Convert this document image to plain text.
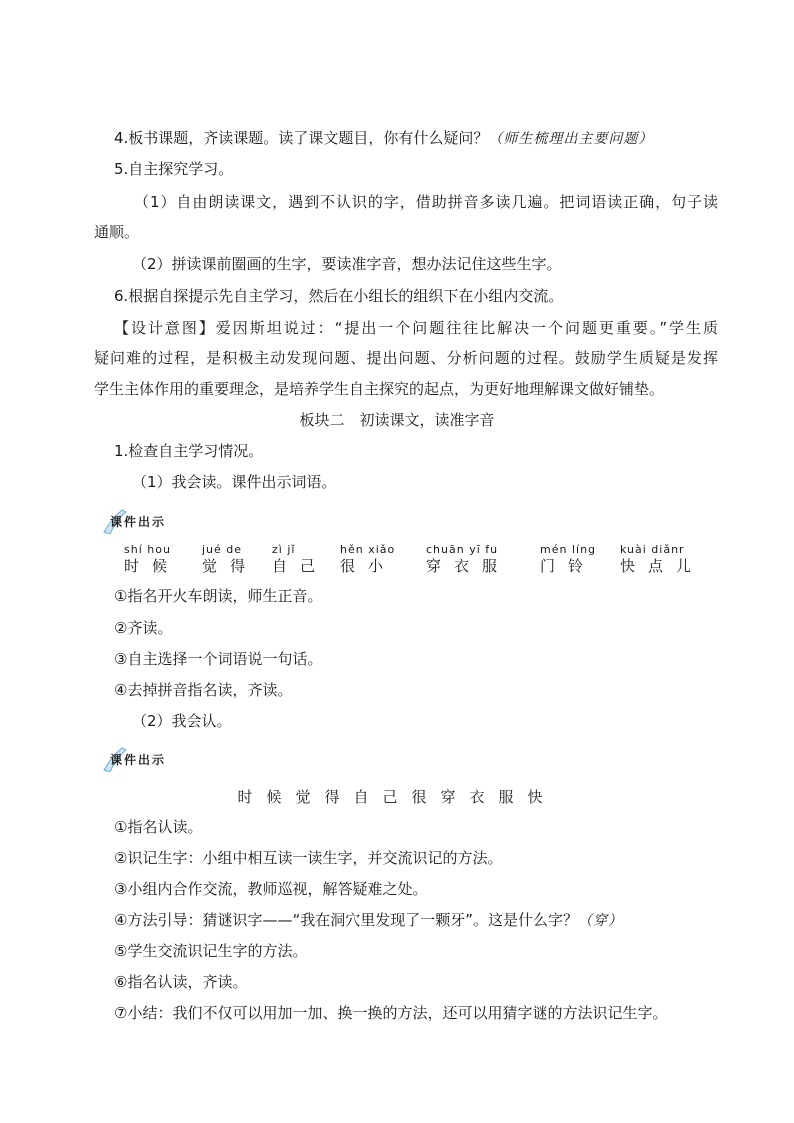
4.板书课题，齐读课题。读了课文题目，你有什么疑问？（师生梳理出主要问题）
5.自主探究学习。
（1）自由朗读课文，遇到不认识的字，借助拼音多读几遍。把词语读正确，句子读
通顺。
（2）拼读课前圈画的生字，要读准字音，想办法记住这些生字。
6.根据自探提示先自主学习，然后在小组长的组织下在小组内交流。
【设计意图】爱因斯坦说过：“提出一个问题往往比解决一个问题更重要。”学生质
疑问难的过程，是积极主动发现问题、提出问题、分析问题的过程。鼓励学生质疑是发挥
学生主体作用的重要理念，是培养学生自主探究的起点，为更好地理解课文做好铺垫。
板块二　初读课文，读准字音
1.检查自主学习情况。
（1）我会读。课件出示词语。
课件出示
shí hou
时候
jué de
觉得
zì jǐ
自己
hěn xiǎo
很小
chuān yī fu
穿衣服
mén líng
门铃
kuài diǎnr
快点儿
①指名开火车朗读，师生正音。
②齐读。
③自主选择一个词语说一句话。
④去掉拼音指名读，齐读。
（2）我会认。
课件出示
时候觉得自己很穿衣服快
①指名认读。
②识记生字：小组中相互读一读生字，并交流识记的方法。
③小组内合作交流，教师巡视，解答疑难之处。
④方法引导：猜谜识字——“我在洞穴里发现了一颗牙”。这是什么字？（穿）
⑤学生交流识记生字的方法。
⑥指名认读，齐读。
⑦小结：我们不仅可以用加一加、换一换的方法，还可以用猜字谜的方法识记生字。
